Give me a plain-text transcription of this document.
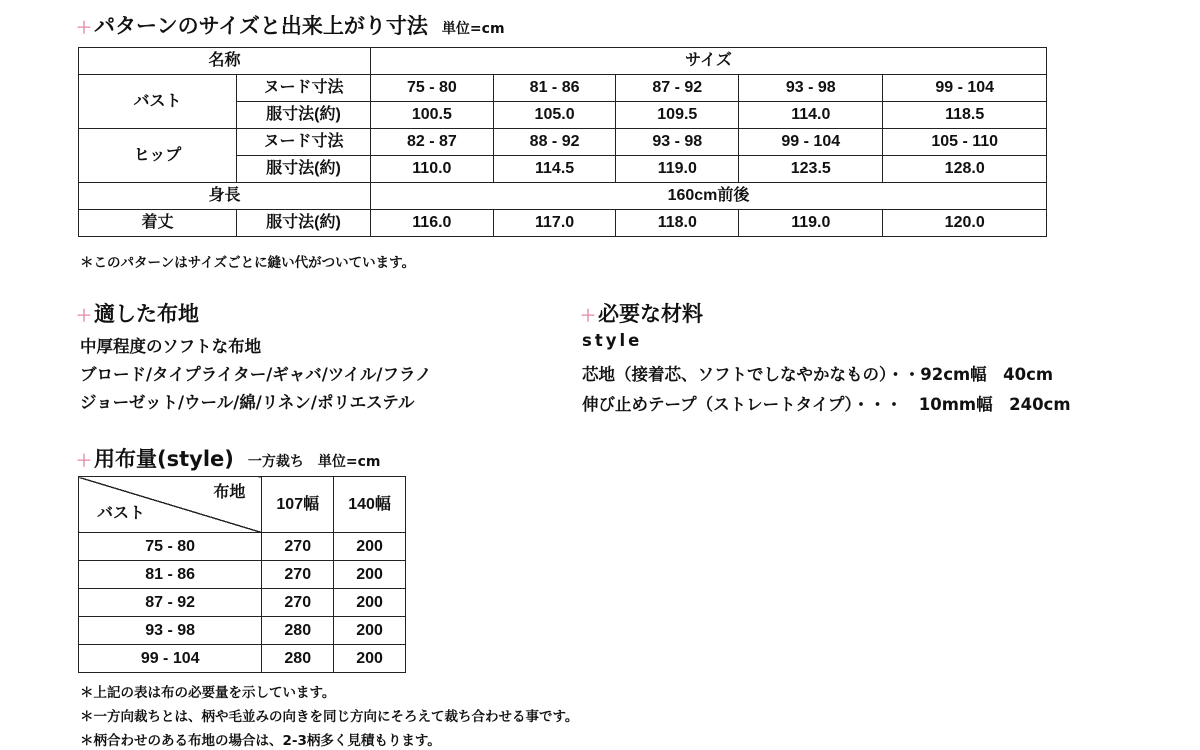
＋パターンのサイズと出来上がり寸法 単位=cm
名称		サイズ				
バスト	ヌード寸法	75 - 80	81 - 86	87 - 92	93 - 98	99 - 104
	服寸法(約)	100.5	105.0	109.5	114.0	118.5
ヒップ	ヌード寸法	82 - 87	88 - 92	93 - 98	99 - 104	105 - 110
	服寸法(約)	110.0	114.5	119.0	123.5	128.0
身長		160cm前後				
着丈	服寸法(約)	116.0	117.0	118.0	119.0	120.0
＊このパターンはサイズごとに縫い代がついています。
＋適した布地
中厚程度のソフトな布地
ブロード/タイプライター/ギャバ/ツイル/フラノ
ジョーゼット/ウール/綿/リネン/ポリエステル
＋必要な材料
style
芯地（接着芯、ソフトでしなやかなもの）・・92cm幅　40cm
伸び止めテープ（ストレートタイプ）・・・　10mm幅　240cm
＋用布量(style) 一方裁ち 単位=cm
布地
バスト	107幅	140幅
75 - 80	270	200
81 - 86	270	200
87 - 92	270	200
93 - 98	280	200
99 - 104	280	200
＊上記の表は布の必要量を示しています。
＊一方向裁ちとは、柄や毛並みの向きを同じ方向にそろえて裁ち合わせる事です。
＊柄合わせのある布地の場合は、2-3柄多く見積もります。
